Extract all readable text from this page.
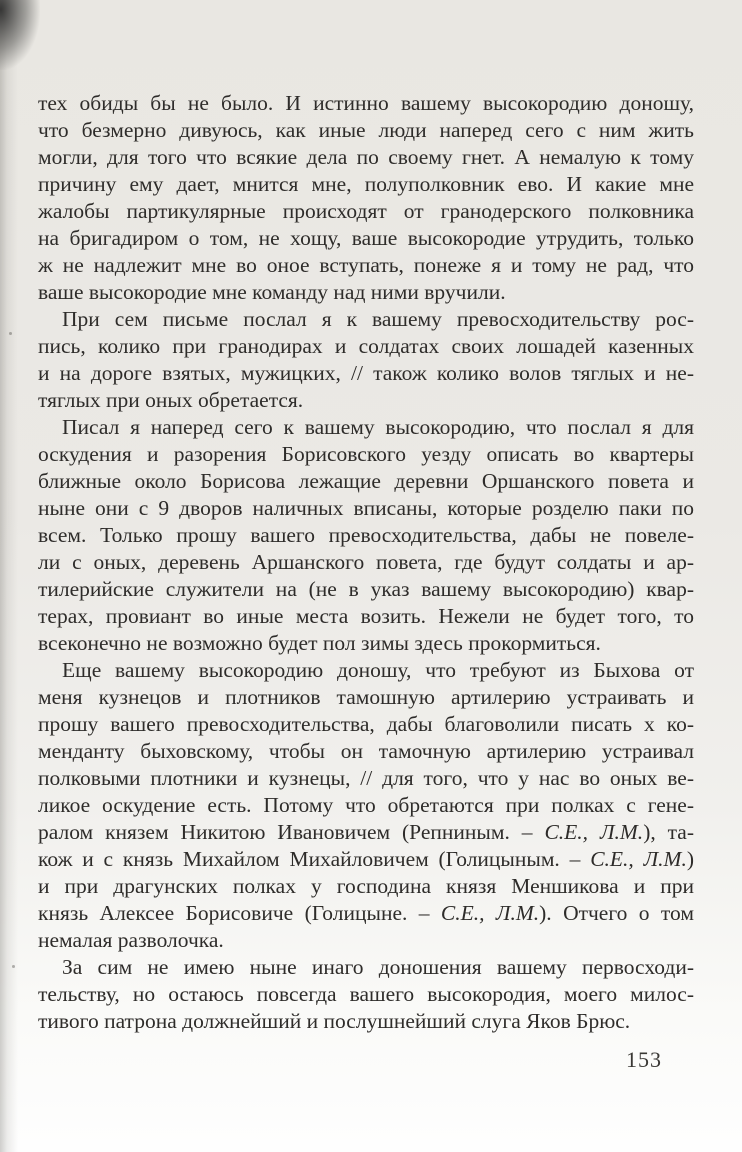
тех обиды бы не было. И истинно вашему высокородию доношу,
что безмерно дивуюсь, как иные люди наперед сего с ним жить
могли, для того что всякие дела по своему гнет. А немалую к тому
причину ему дает, мнится мне, полуполковник ево. И какие мне
жалобы партикулярные происходят от гранодерского полковника
на бригадиром о том, не хощу, ваше высокородие утрудить, только
ж не надлежит мне во оное вступать, понеже я и тому не рад, что
ваше высокородие мне команду над ними вручили.
При сем письме послал я к вашему превосходительству рос-
пись, колико при гранодирах и солдатах своих лошадей казенных
и на дороге взятых, мужицких, // також колико волов тяглых и не-
тяглых при оных обретается.
Писал я наперед сего к вашему высокородию, что послал я для
оскудения и разорения Борисовского уезду описать во квартеры
ближные около Борисова лежащие деревни Оршанского повета и
ныне они с 9 дворов наличных вписаны, которые розделю паки по
всем. Только прошу вашего превосходительства, дабы не повеле-
ли с оных, деревень Аршанского повета, где будут солдаты и ар-
тилерийские служители на (не в указ вашему высокородию) квар-
терах, провиант во иные места возить. Нежели не будет того, то
всеконечно не возможно будет пол зимы здесь прокормиться.
Еще вашему высокородию доношу, что требуют из Быхова от
меня кузнецов и плотников тамошную артилерию устраивать и
прошу вашего превосходительства, дабы благоволили писать х ко-
менданту быховскому, чтобы он тамочную артилерию устраивал
полковыми плотники и кузнецы, // для того, что у нас во оных ве-
ликое оскудение есть. Потому что обретаются при полках с гене-
ралом князем Никитою Ивановичем (Репниным. – С.Е., Л.М.), та-
кож и с князь Михайлом Михайловичем (Голицыным. – С.Е., Л.М.)
и при драгунских полках у господина князя Меншикова и при
князь Алексее Борисовиче (Голицыне. – С.Е., Л.М.). Отчего о том
немалая разволочка.
За сим не имею ныне инаго доношения вашему первосходи-
тельству, но остаюсь повсегда вашего высокородия, моего милос-
тивого патрона должнейший и послушнейший слуга Яков Брюс.
153
